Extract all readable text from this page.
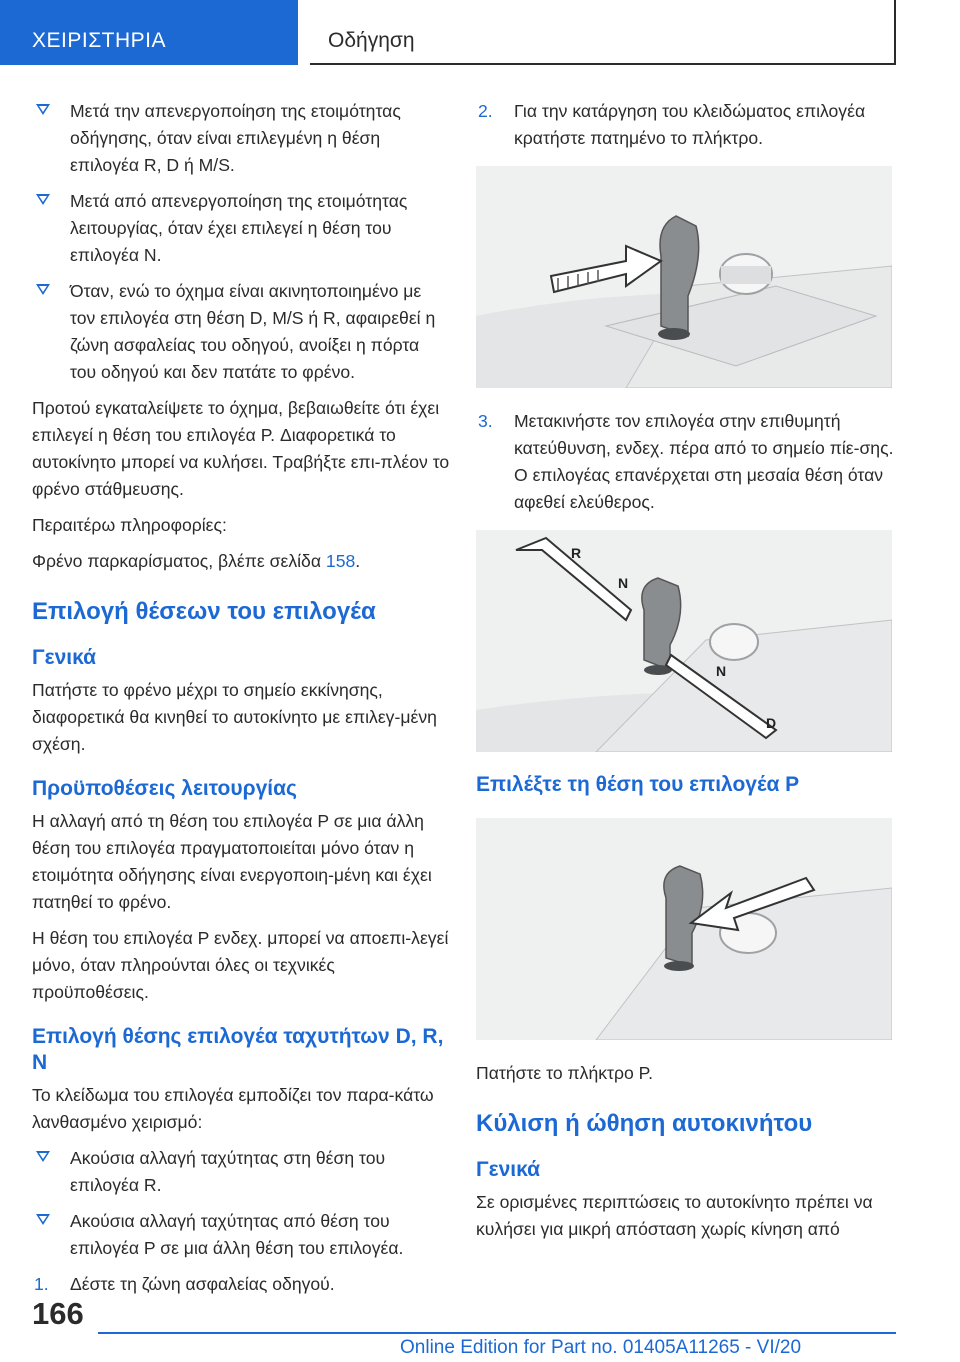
ΧΕΙΡΙΣΤΗΡΙΑ	Οδήγηση
Μετά την απενεργοποίηση της ετοιμότητας οδήγησης, όταν είναι επιλεγμένη η θέση επιλογέα R, D ή M/S.
Μετά από απενεργοποίηση της ετοιμότητας λειτουργίας, όταν έχει επιλεγεί η θέση του επιλογέα N.
Όταν, ενώ το όχημα είναι ακινητοποιημένο με τον επιλογέα στη θέση D, M/S ή R, αφαιρεθεί η ζώνη ασφαλείας του οδηγού, ανοίξει η πόρτα του οδηγού και δεν πατάτε το φρένο.

Προτού εγκαταλείψετε το όχημα, βεβαιωθείτε ότι έχει επιλεγεί η θέση του επιλογέα P. Διαφορετικά το αυτοκίνητο μπορεί να κυλήσει. Τραβήξτε επι‐πλέον το φρένο στάθμευσης.

Περαιτέρω πληροφορίες:

Φρένο παρκαρίσματος, βλέπε σελίδα 158.

Επιλογή θέσεων του επιλογέα
Γενικά

Πατήστε το φρένο μέχρι το σημείο εκκίνησης, διαφορετικά θα κινηθεί το αυτοκίνητο με επιλεγ‐μένη σχέση.

Προϋποθέσεις λειτουργίας

Η αλλαγή από τη θέση του επιλογέα P σε μια άλλη θέση του επιλογέα πραγματοποιείται μόνο όταν η ετοιμότητα οδήγησης είναι ενεργοποιη‐μένη και έχει πατηθεί το φρένο.

Η θέση του επιλογέα P ενδεχ. μπορεί να αποεπι‐λεγεί μόνο, όταν πληρούνται όλες οι τεχνικές προϋποθέσεις.

Επιλογή θέσης επιλογέα ταχυτήτων D, R, N

Το κλείδωμα του επιλογέα εμποδίζει τον παρα‐κάτω λανθασμένο χειρισμό:

Ακούσια αλλαγή ταχύτητας στη θέση του επιλογέα R.
Ακούσια αλλαγή ταχύτητας από θέση του επιλογέα P σε μια άλλη θέση του επιλογέα.
1. Δέστε τη ζώνη ασφαλείας οδηγού.
2. Για την κατάργηση του κλειδώματος επιλογέα κρατήστε πατημένο το πλήκτρο.
3. Μετακινήστε τον επιλογέα στην επιθυμητή κατεύθυνση, ενδεχ. πέρα από το σημείο πίε‐σης. Ο επιλογέας επανέρχεται στη μεσαία θέση όταν αφεθεί ελεύθερος.
R
N
N
D
Επιλέξτε τη θέση του επιλογέα P

Πατήστε το πλήκτρο P.

Κύλιση ή ώθηση αυτοκινήτου
Γενικά

Σε ορισμένες περιπτώσεις το αυτοκίνητο πρέπει να κυλήσει για μικρή απόσταση χωρίς κίνηση από

166
Online Edition for Part no. 01405A11265 - VI/20
